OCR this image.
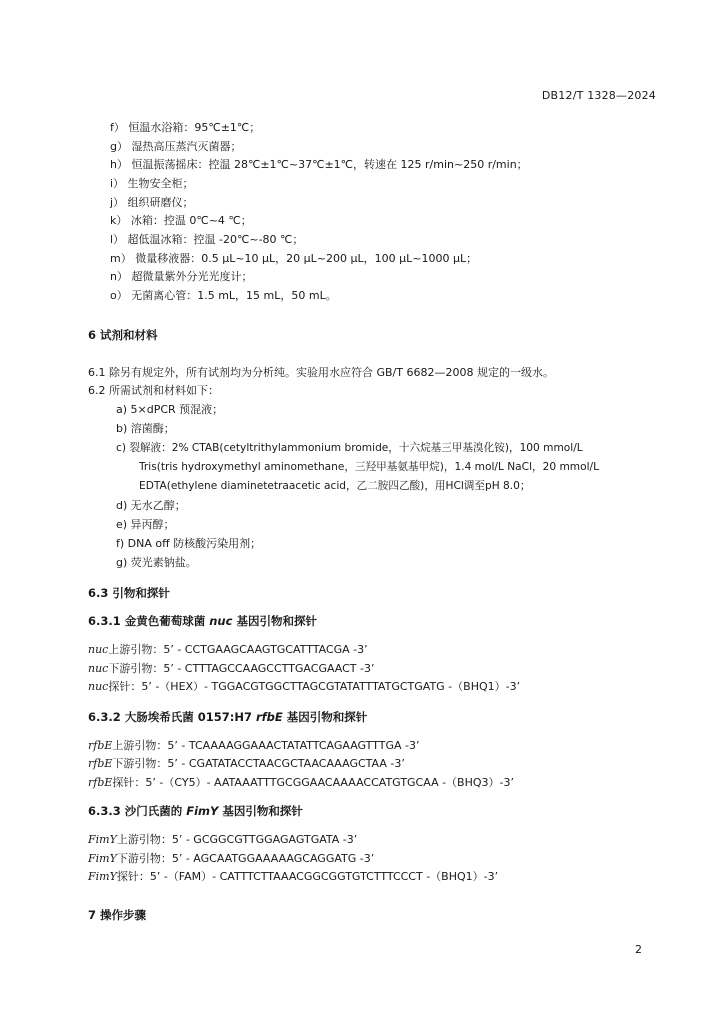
DB12/T 1328—2024
f） 恒温水浴箱：95℃±1℃；
g） 湿热高压蒸汽灭菌器；
h） 恒温振荡摇床：控温 28℃±1℃~37℃±1℃，转速在 125 r/min~250 r/min；
i） 生物安全柜；
j） 组织研磨仪；
k） 冰箱：控温 0℃~4 ℃；
l） 超低温冰箱：控温 -20℃~-80 ℃；
m） 微量移液器：0.5 μL~10 μL，20 μL~200 μL，100 μL~1000 μL；
n） 超微量紫外分光光度计；
o） 无菌离心管：1.5 mL，15 mL，50 mL。
6 试剂和材料
6.1 除另有规定外，所有试剂均为分析纯。实验用水应符合 GB/T 6682—2008 规定的一级水。
6.2 所需试剂和材料如下：
a) 5×dPCR 预混液；
b) 溶菌酶；
c) 裂解液：2% CTAB(cetyltrithylammonium bromide，十六烷基三甲基溴化铵)，100 mmol/L
Tris(tris hydroxymethyl aminomethane，三羟甲基氨基甲烷)，1.4 mol/L NaCl，20 mmol/L
EDTA(ethylene diaminetetraacetic acid，乙二胺四乙酸)，用HCl调至pH 8.0；
d) 无水乙醇；
e) 异丙醇；
f) DNA off 防核酸污染用剂；
g) 荧光素钠盐。
6.3 引物和探针
6.3.1 金黄色葡萄球菌 nuc 基因引物和探针
nuc上游引物：5’ - CCTGAAGCAAGTGCATTTACGA -3’
nuc下游引物：5’ - CTTTAGCCAAGCCTTGACGAACT -3’
nuc探针：5’ -（HEX）- TGGACGTGGCTTAGCGTATATTTATGCTGATG -（BHQ1）-3’
6.3.2 大肠埃希氏菌 0157:H7 rfbE 基因引物和探针
rfbE上游引物：5’ - TCAAAAGGAAACTATATTCAGAAGTTTGA -3’
rfbE下游引物：5’ - CGATATACCTAACGCTAACAAAGCTAA -3’
rfbE探针：5’ -（CY5）- AATAAATTTGCGGAACAAAACCATGTGCAA -（BHQ3）-3’
6.3.3 沙门氏菌的 FimY 基因引物和探针
FimY上游引物：5’ - GCGGCGTTGGAGAGTGATA -3’
FimY下游引物：5’ - AGCAATGGAAAAAGCAGGATG -3’
FimY探针：5’ -（FAM）- CATTTCTTAAACGGCGGTGTCTTTCCCT -（BHQ1）-3’
7 操作步骤
2
